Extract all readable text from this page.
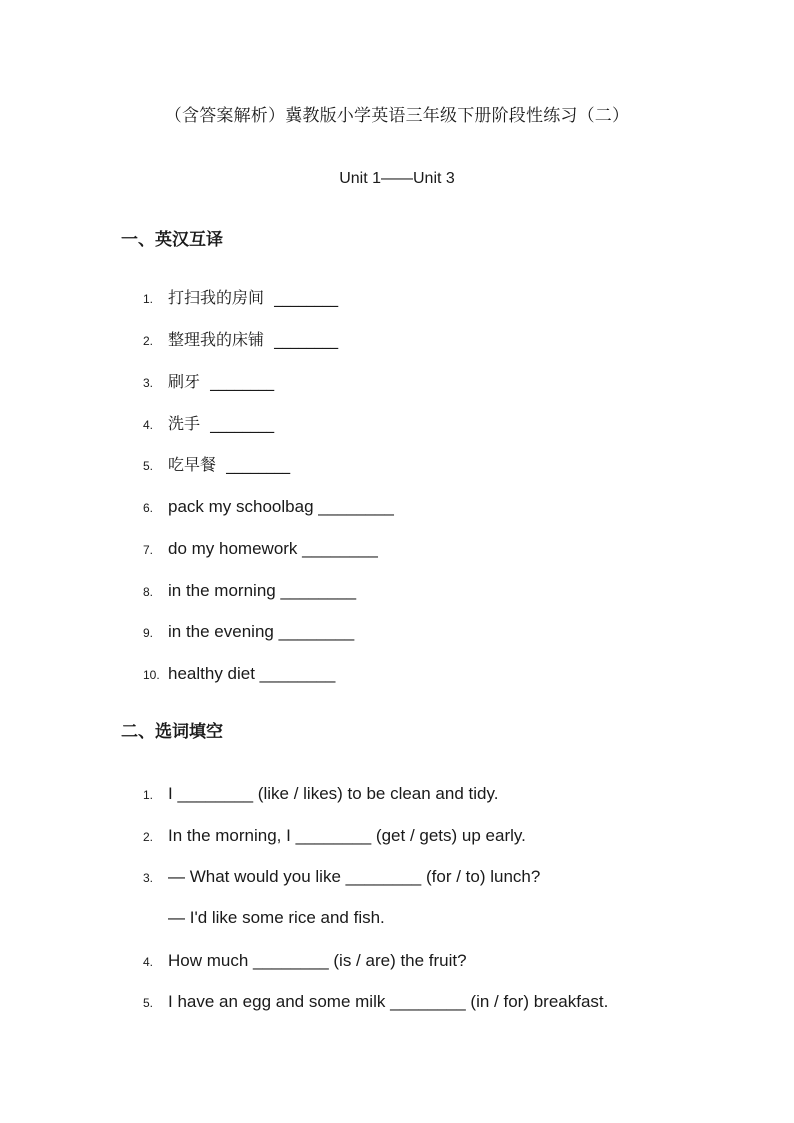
（含答案解析）冀教版小学英语三年级下册阶段性练习（二）
Unit 1——Unit 3
一、英汉互译
1. 打扫我的房间  ________
2. 整理我的床铺  ________
3. 刷牙  ________
4. 洗手  ________
5. 吃早餐  ________
6. pack my schoolbag ________
7. do my homework ________
8. in the morning ________
9. in the evening ________
10. healthy diet ________
二、选词填空
1. I ________ (like / likes) to be clean and tidy.
2. In the morning, I ________ (get / gets) up early.
3. — What would you like ________ (for / to) lunch?
— I'd like some rice and fish.
4. How much ________ (is / are) the fruit?
5. I have an egg and some milk ________ (in / for) breakfast.
